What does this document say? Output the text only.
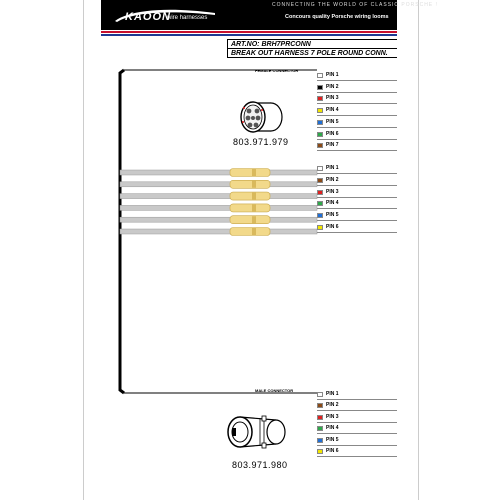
KAOON
wire harnesses
CONNECTING THE WORLD OF CLASSIC PORSCHE !
Concours quality Porsche wiring looms
ART.NO: BRH7PRCONN
BREAK OUT HARNESS 7 POLE ROUND CONN.
FEMALE CONNECTOR
MALE CONNECTOR
803.971.979
803.971.980
PIN 1
PIN 2
PIN 3
PIN 4
PIN 5
PIN 6
PIN 7
PIN 1
PIN 2
PIN 3
PIN 4
PIN 5
PIN 6
PIN 1
PIN 2
PIN 3
PIN 4
PIN 5
PIN 6
